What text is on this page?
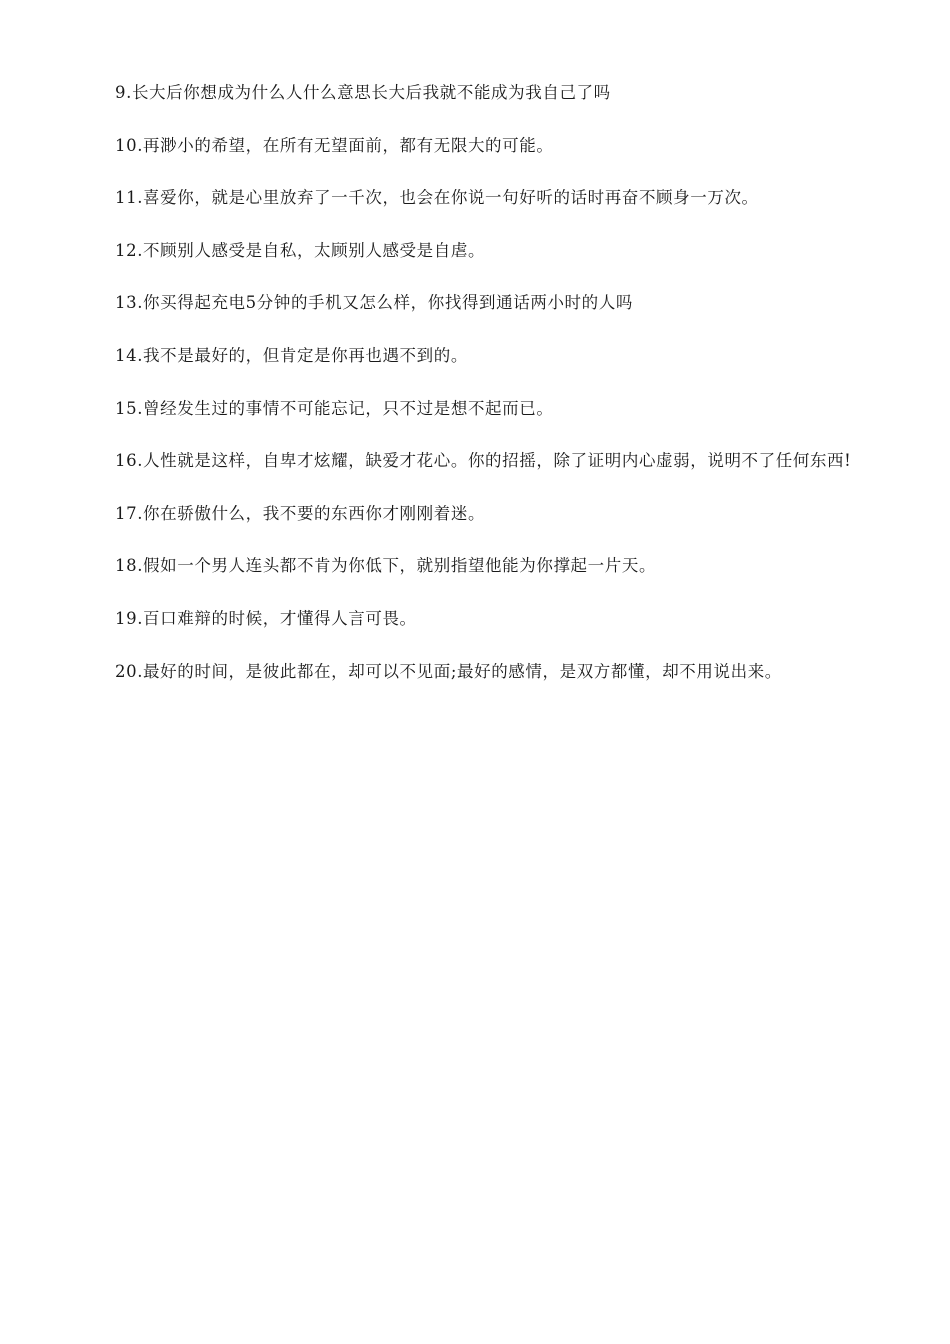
9.长大后你想成为什么人什么意思长大后我就不能成为我自己了吗

10.再渺小的希望，在所有无望面前，都有无限大的可能。

11.喜爱你，就是心里放弃了一千次，也会在你说一句好听的话时再奋不顾身一万次。

12.不顾别人感受是自私，太顾别人感受是自虐。

13.你买得起充电5分钟的手机又怎么样，你找得到通话两小时的人吗

14.我不是最好的，但肯定是你再也遇不到的。

15.曾经发生过的事情不可能忘记，只不过是想不起而已。

16.人性就是这样，自卑才炫耀，缺爱才花心。你的招摇，除了证明内心虚弱，说明不了任何东西!

17.你在骄傲什么，我不要的东西你才刚刚着迷。

18.假如一个男人连头都不肯为你低下，就别指望他能为你撑起一片天。

19.百口难辩的时候，才懂得人言可畏。

20.最好的时间，是彼此都在，却可以不见面;最好的感情，是双方都懂，却不用说出来。
